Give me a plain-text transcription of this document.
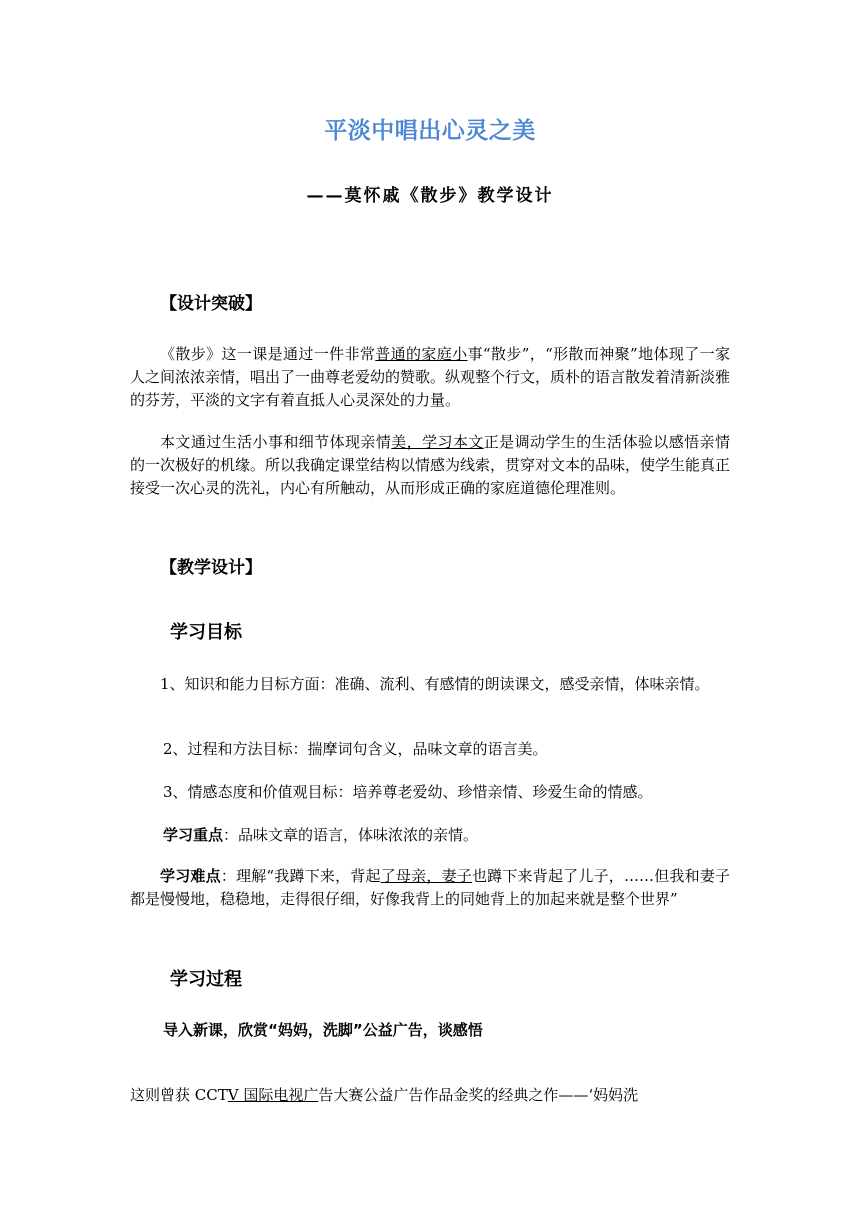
平淡中唱出心灵之美
——莫怀戚《散步》教学设计
【设计突破】
《散步》这一课是通过一件非常普通的家庭小事“散步”，“形散而神聚”地体现了一家人之间浓浓亲情，唱出了一曲尊老爱幼的赞歌。纵观整个行文，质朴的语言散发着清新淡雅的芬芳，平淡的文字有着直抵人心灵深处的力量。
本文通过生活小事和细节体现亲情美，学习本文正是调动学生的生活体验以感悟亲情的一次极好的机缘。所以我确定课堂结构以情感为线索，贯穿对文本的品味，使学生能真正接受一次心灵的洗礼，内心有所触动，从而形成正确的家庭道德伦理准则。
【教学设计】
学习目标
1、知识和能力目标方面：准确、流利、有感情的朗读课文，感受亲情，体味亲情。
2、过程和方法目标：揣摩词句含义，品味文章的语言美。
3、情感态度和价值观目标：培养尊老爱幼、珍惜亲情、珍爱生命的情感。
学习重点：品味文章的语言，体味浓浓的亲情。
学习难点：理解“我蹲下来，背起了母亲，妻子也蹲下来背起了儿子，……但我和妻子都是慢慢地，稳稳地，走得很仔细，好像我背上的同她背上的加起来就是整个世界”
学习过程
导入新课，欣赏“妈妈，洗脚”公益广告，谈感悟
这则曾获 CCTV 国际电视广告大赛公益广告作品金奖的经典之作——‘妈妈洗
